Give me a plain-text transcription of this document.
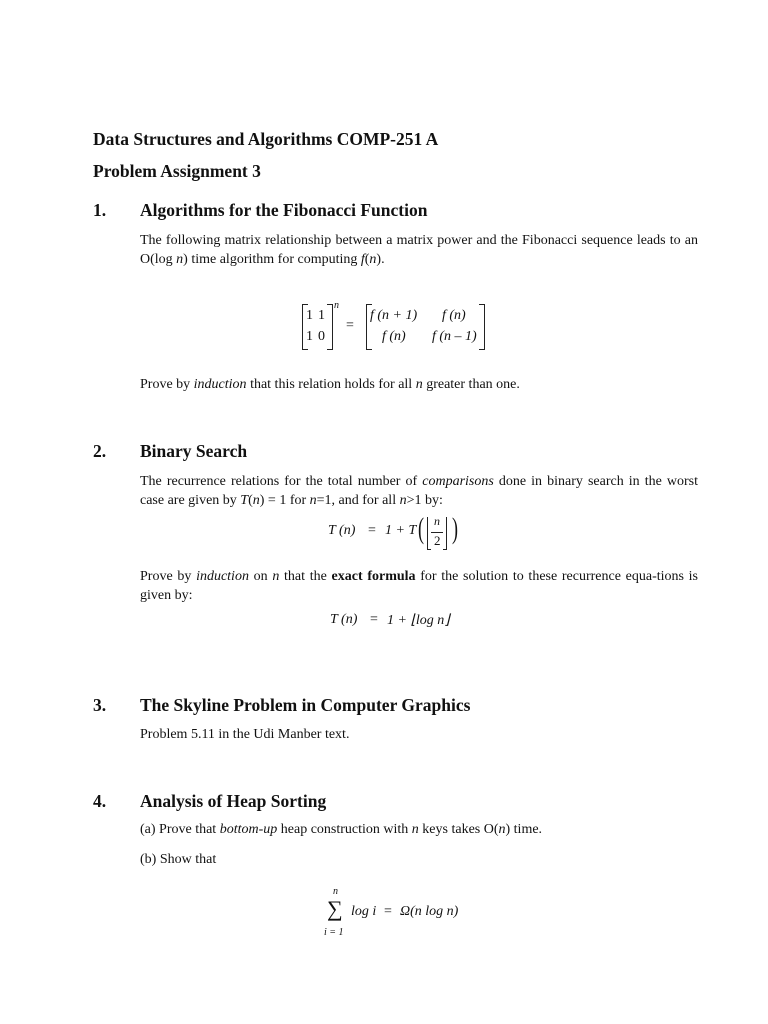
Data Structures and Algorithms COMP-251 A
Problem Assignment 3
1. Algorithms for the Fibonacci Function
The following matrix relationship between a matrix power and the Fibonacci sequence leads to an O(log n) time algorithm for computing f(n).
1 1
1 0
n
=
f (n + 1) f (n)
f (n) f (n – 1)
Prove by induction that this relation holds for all n greater than one.
2. Binary Search
The recurrence relations for the total number of comparisons done in binary search in the worst case are given by T(n) = 1 for n=1, and for all n>1 by:
T (n) = 1 + T ( n
2 )
Prove by induction on n that the exact formula for the solution to these recurrence equa-tions is given by:
T (n) = 1 + ⌊log n⌋
3. The Skyline Problem in Computer Graphics
Problem 5.11 in the Udi Manber text.
4. Analysis of Heap Sorting
(a) Prove that bottom-up heap construction with n keys takes O(n) time.
(b) Show that
n
∑
i = 1
log i = Ω(n log n)
